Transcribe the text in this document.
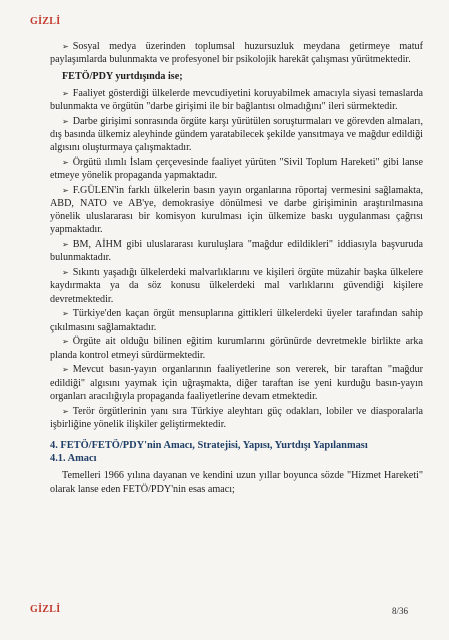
GİZLİ

➢ Sosyal medya üzerinden toplumsal huzursuzluk meydana getirmeye matuf paylaşımlarda bulunmakta ve profesyonel bir psikolojik harekât çalışması yürütmektedir.

FETÖ/PDY yurtdışında ise;

➢ Faaliyet gösterdiği ülkelerde mevcudiyetini koruyabilmek amacıyla siyasi temaslarda bulunmakta ve örgütün "darbe girişimi ile bir bağlantısı olmadığını" ileri sürmektedir.

➢ Darbe girişimi sonrasında örgüte karşı yürütülen soruşturmaları ve görevden almaları, dış basında ülkemiz aleyhinde gündem yaratabilecek şekilde yansıtmaya ve mağdur edildiği algısını oluşturmaya çalışmaktadır.

➢ Örgütü ılımlı İslam çerçevesinde faaliyet yürüten "Sivil Toplum Hareketi" gibi lanse etmeye yönelik propaganda yapmaktadır.

➢ F.GÜLEN'in farklı ülkelerin basın yayın organlarına röportaj vermesini sağlamakta, ABD, NATO ve AB'ye, demokrasiye dönülmesi ve darbe girişiminin araştırılmasına yönelik uluslararası bir komisyon kurulması için ülkemize baskı uygulanması çağrısı yapmaktadır.

➢ BM, AİHM gibi uluslararası kuruluşlara "mağdur edildikleri" iddiasıyla başvuruda bulunmaktadır.

➢ Sıkıntı yaşadığı ülkelerdeki malvarlıklarını ve kişileri örgüte müzahir başka ülkelere kaydırmakta ya da söz konusu ülkelerdeki mal varlıklarını güvendiği kişilere devretmektedir.

➢ Türkiye'den kaçan örgüt mensuplarına gittikleri ülkelerdeki üyeler tarafından sahip çıkılmasını sağlamaktadır.

➢ Örgüte ait olduğu bilinen eğitim kurumlarını görünürde devretmekle birlikte arka planda kontrol etmeyi sürdürmektedir.

➢ Mevcut basın-yayın organlarının faaliyetlerine son vererek, bir taraftan "mağdur edildiği" algısını yaymak için uğraşmakta, diğer taraftan ise yeni kurduğu basın-yayın organları aracılığıyla propaganda faaliyetlerine devam etmektedir.

➢ Terör örgütlerinin yanı sıra Türkiye aleyhtarı güç odakları, lobiler ve diasporalarla işbirliğine yönelik ilişkiler geliştirmektedir.

4. FETÖ/FETÖ/PDY'nin Amacı, Stratejisi, Yapısı, Yurtdışı Yapılanması

4.1. Amacı

Temelleri 1966 yılına dayanan ve kendini uzun yıllar boyunca sözde "Hizmet Hareketi" olarak lanse eden FETÖ/PDY'nin esas amacı;

GİZLİ	8/36
